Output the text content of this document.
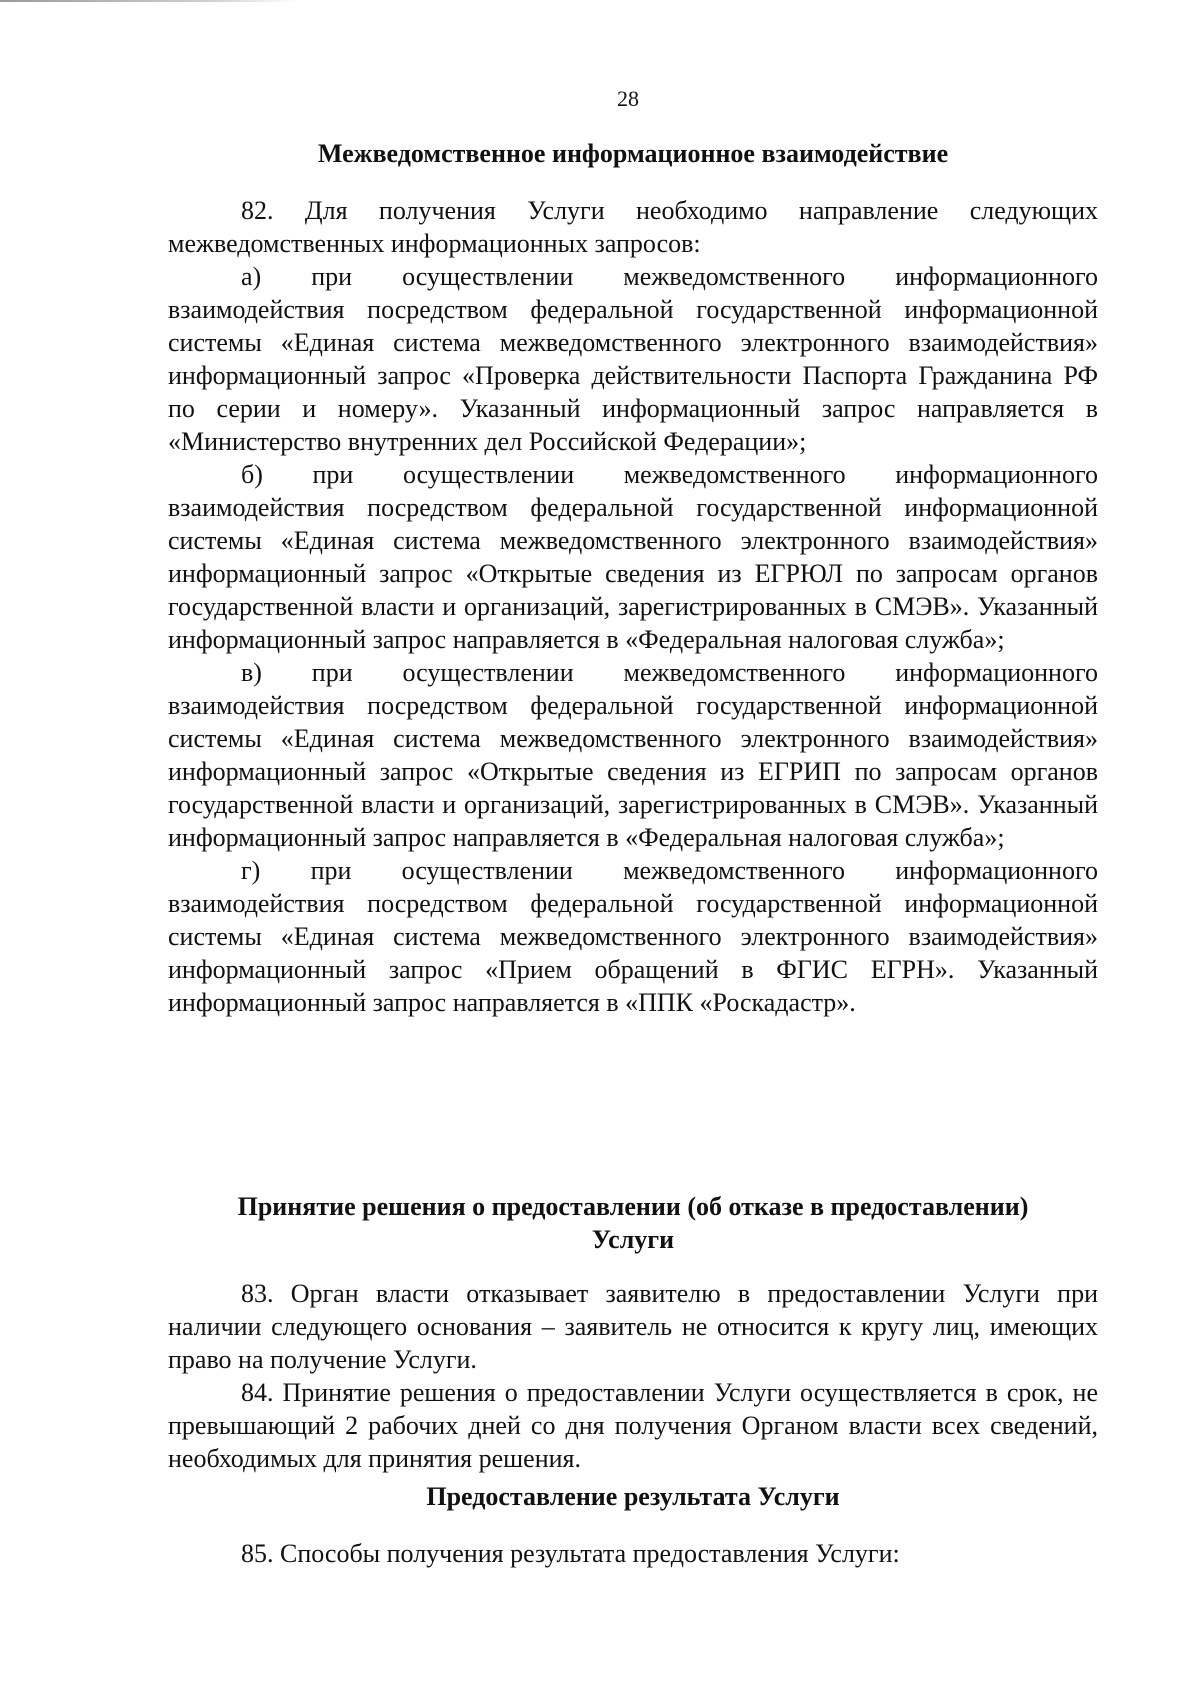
28
Межведомственное информационное взаимодействие

82. Для получения Услуги необходимо направление следующих межведомственных информационных запросов:

а) при осуществлении межведомственного информационного взаимодействия посредством федеральной государственной информационной системы «Единая система межведомственного электронного взаимодействия» информационный запрос «Проверка действительности Паспорта Гражданина РФ по серии и номеру». Указанный информационный запрос направляется в «Министерство внутренних дел Российской Федерации»;

б) при осуществлении межведомственного информационного взаимодействия посредством федеральной государственной информационной системы «Единая система межведомственного электронного взаимодействия» информационный запрос «Открытые сведения из ЕГРЮЛ по запросам органов государственной власти и организаций, зарегистрированных в СМЭВ». Указанный информационный запрос направляется в «Федеральная налоговая служба»;

в) при осуществлении межведомственного информационного взаимодействия посредством федеральной государственной информационной системы «Единая система межведомственного электронного взаимодействия» информационный запрос «Открытые сведения из ЕГРИП по запросам органов государственной власти и организаций, зарегистрированных в СМЭВ». Указанный информационный запрос направляется в «Федеральная налоговая служба»;

г) при осуществлении межведомственного информационного взаимодействия посредством федеральной государственной информационной системы «Единая система межведомственного электронного взаимодействия» информационный запрос «Прием обращений в ФГИС ЕГРН». Указанный информационный запрос направляется в «ППК «Роскадастр».

Принятие решения о предоставлении (об отказе в предоставлении)
Услуги

83. Орган власти отказывает заявителю в предоставлении Услуги при наличии следующего основания – заявитель не относится к кругу лиц, имеющих право на получение Услуги.

84. Принятие решения о предоставлении Услуги осуществляется в срок, не превышающий 2 рабочих дней со дня получения Органом власти всех сведений, необходимых для принятия решения.

Предоставление результата Услуги

85. Способы получения результата предоставления Услуги:
